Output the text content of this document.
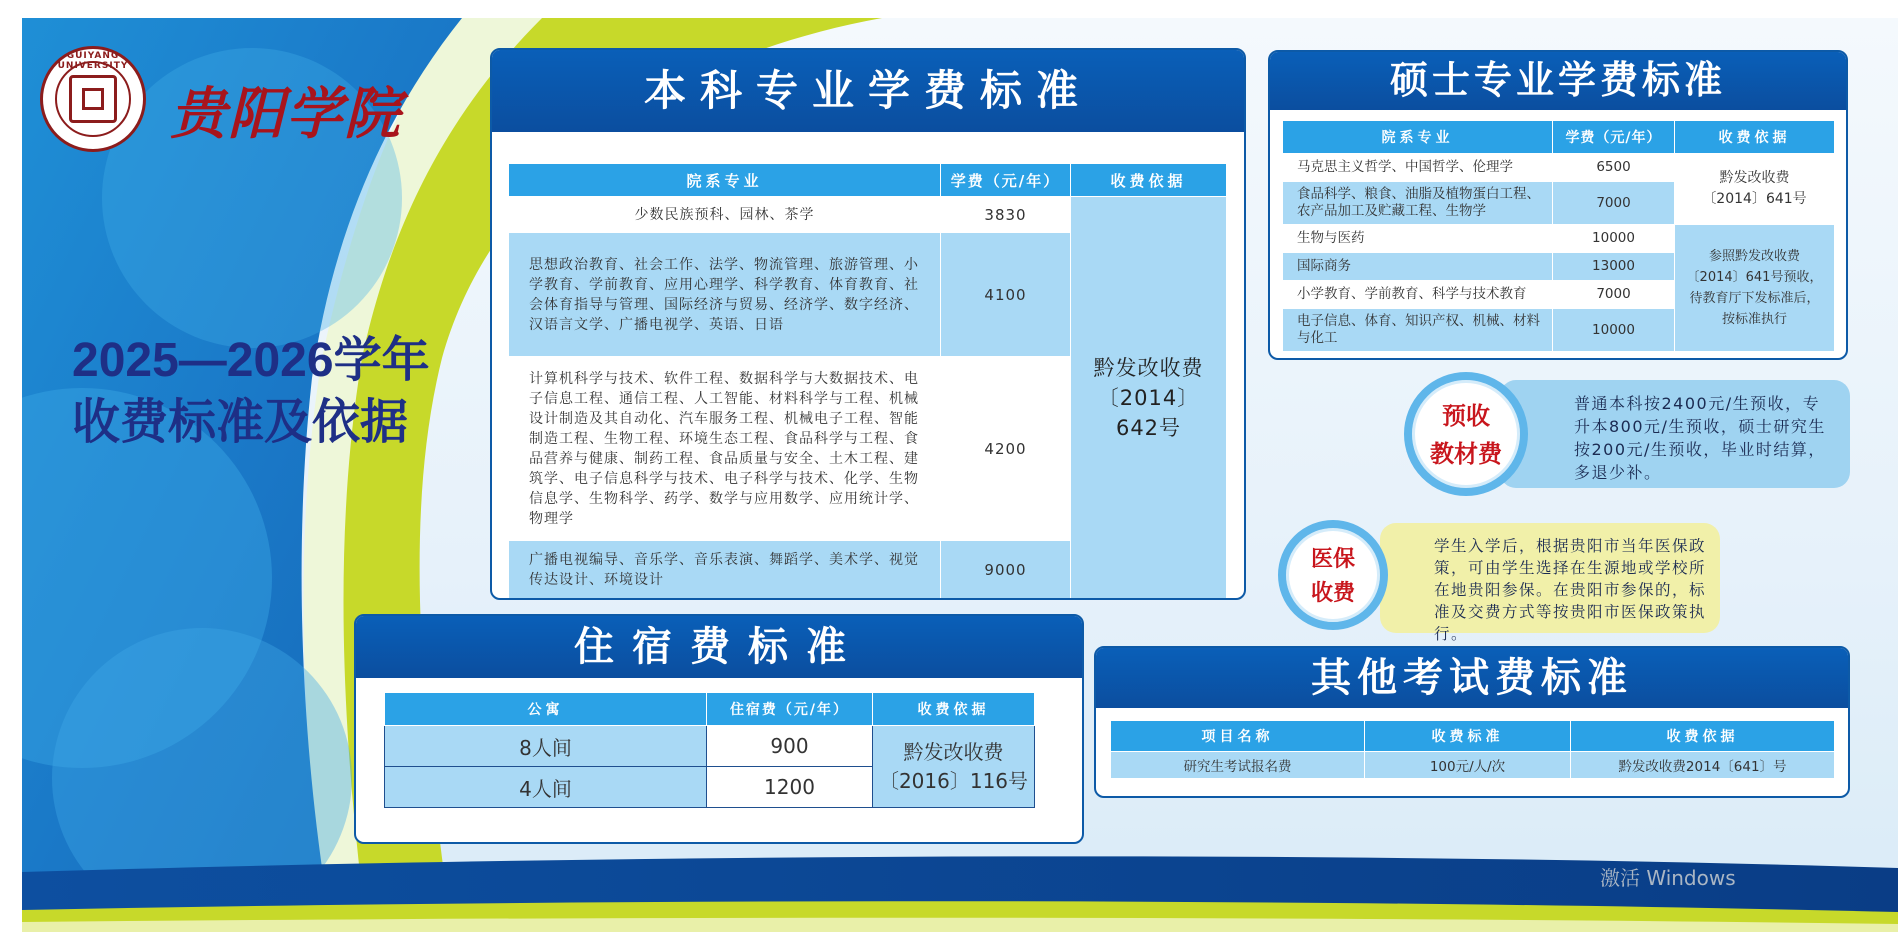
GUIYANG UNIVERSITY
贵阳学院
2025—2026学年
收费标准及依据
本科专业学费标准
院系专业	学费（元/年）	收费依据
少数民族预科、园林、茶学	3830	黔发改收费
〔2014〕
642号

思想政治教育、社会工作、法学、物流管理、旅游管理、小学教育、学前教育、应用心理学、科学教育、体育教育、社会体育指导与管理、国际经济与贸易、经济学、数字经济、汉语言文学、广播电视学、英语、日语	4100	
计算机科学与技术、软件工程、数据科学与大数据技术、电子信息工程、通信工程、人工智能、材料科学与工程、机械设计制造及其自动化、汽车服务工程、机械电子工程、智能制造工程、生物工程、环境生态工程、食品科学与工程、食品营养与健康、制药工程、食品质量与安全、土木工程、建筑学、电子信息科学与技术、电子科学与技术、化学、生物信息学、生物科学、药学、数学与应用数学、应用统计学、物理学	4200	
广播电视编导、音乐学、音乐表演、舞蹈学、美术学、视觉传达设计、环境设计	9000	
硕士专业学费标准
院系专业	学费（元/年）	收费依据
马克思主义哲学、中国哲学、伦理学	6500	黔发改收费
〔2014〕641号

食品科学、粮食、油脂及植物蛋白工程、农产品加工及贮藏工程、生物学	7000	
生物与医药	10000	参照黔发改收费
〔2014〕641号预收，
待教育厅下发标准后，
按标准执行

国际商务	13000	
小学教育、学前教育、科学与技术教育	7000	
电子信息、体育、知识产权、机械、材料与化工	10000	
普通本科按2400元/生预收，专升本800元/生预收，硕士研究生按200元/生预收，毕业时结算，多退少补。
预收
教材费
学生入学后，根据贵阳市当年医保政策，可由学生选择在生源地或学校所在地贵阳参保。在贵阳市参保的，标准及交费方式等按贵阳市医保政策执行。
医保
收费
住宿费标准
公寓	住宿费（元/年）	收费依据
8人间	900	黔发改收费
〔2016〕116号

4人间	1200	
其他考试费标准
项目名称	收费标准	收费依据
研究生考试报名费	100元/人/次	黔发改收费2014〔641〕号
激活 Windows
